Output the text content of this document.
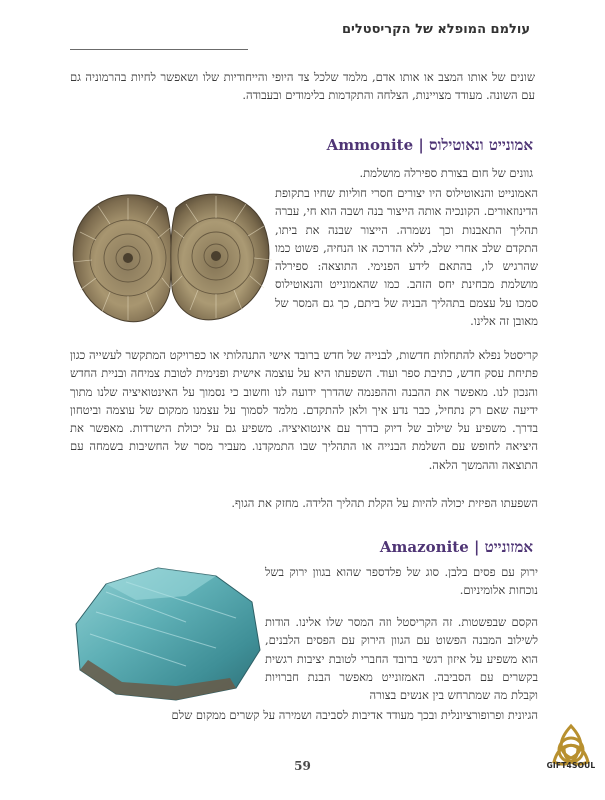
עולמם המופלא של הקריסטלים

שונים של אותו המצב או אותו אדם, מלמד שלכל צד היופי והייחודיות שלו ושאפשר לחיות בהרמוניה גם עם השונה. מעודד מצויינות, הצלחה והתקדמות בלימודים ובעבודה.

אמונייט ונאוטילוס | Ammonite

גוונים של חום בצורת ספירלה מושלמת.

האמונייט והנאוטילוס היו יצורים חסרי חוליות שחיו בתקופת הדינוזאורים. הקונכיה אותה הייצור בנה ושבה הוא חי, עברה תהליך התאבנות וכך נשמרה. הייצור שבנה את ביתו, התקדם שלב אחרי שלב, ללא הדרכה או הנחיה, פשוט כמו שהרגיש לו, בהתאם לידע הפנימי. התוצאה: ספירלה מושלמת מבחינת יחס הזהב. כמו שהאמונייט והנאוטילוס סמכו על עצמם בתהליך הבניה של ביתם, כך גם המסר של מאובן זה אלינו.

קריסטל נפלא להתחלות חדשות, לבנייה של חדש ברובד אישי התנהלותי או כפרויקט המתקשר לעשייה כגון פתיחת עסק חדש, כתיבת ספר ועוד. השפעתו היא על עוצמה אישית ופנימית לטובת צמיחה ובניית החדש והנכון לנו. מאפשר את ההבנה וההפנמה שהדרך ידועה לנו וחשוב כי נסמוך על האינטואיציה שלנו מתוך ידיעה שאם רק נתחיל, כבר נדע איך ולאן להתקדם. מלמד לסמוך על עצמנו ממקום של עוצמה וביטחון בדרך. משפיע על שילוב של דיוק בדרך עם אינטואיציה. משפיע גם על יכולת הישרדות. מאפשר את היציאה לחופש עם השלמת הבנייה או התהליך שבו התמקדנו. מעביר מסר של החשיבות בשמחה עם התוצאה וההמשך הלאה.

השפעתו הפיזית יכולה להיות על הקלת תהליך הלידה. מחזק את הגוף.

אמזונייט | Amazonite

ירוק עם פסים בלבן. סוג של פלדספר שהוא בגוון ירוק בשל נוכחות אלומיניום.

הקסם שבפשטות. זה הקריסטל וזה המסר שלו אלינו. הודות לשילוב המבנה הפשוט עם הגוון הירוק עם הפסים הלבנים, הוא משפיע על איזון רגשי ברובד החברי לטובת יציבות רגשית בקשרים עם הסביבה. האמזונייט מאפשר הבנת חברויות וקבלת מה שמתרחש בין אנשים בצורה

הגיונית ופרופורציונלית ובכך מעודד אדיבות לסביבה ושמירה על קשרים ממקום שלם

59	GIFT4SOUL
